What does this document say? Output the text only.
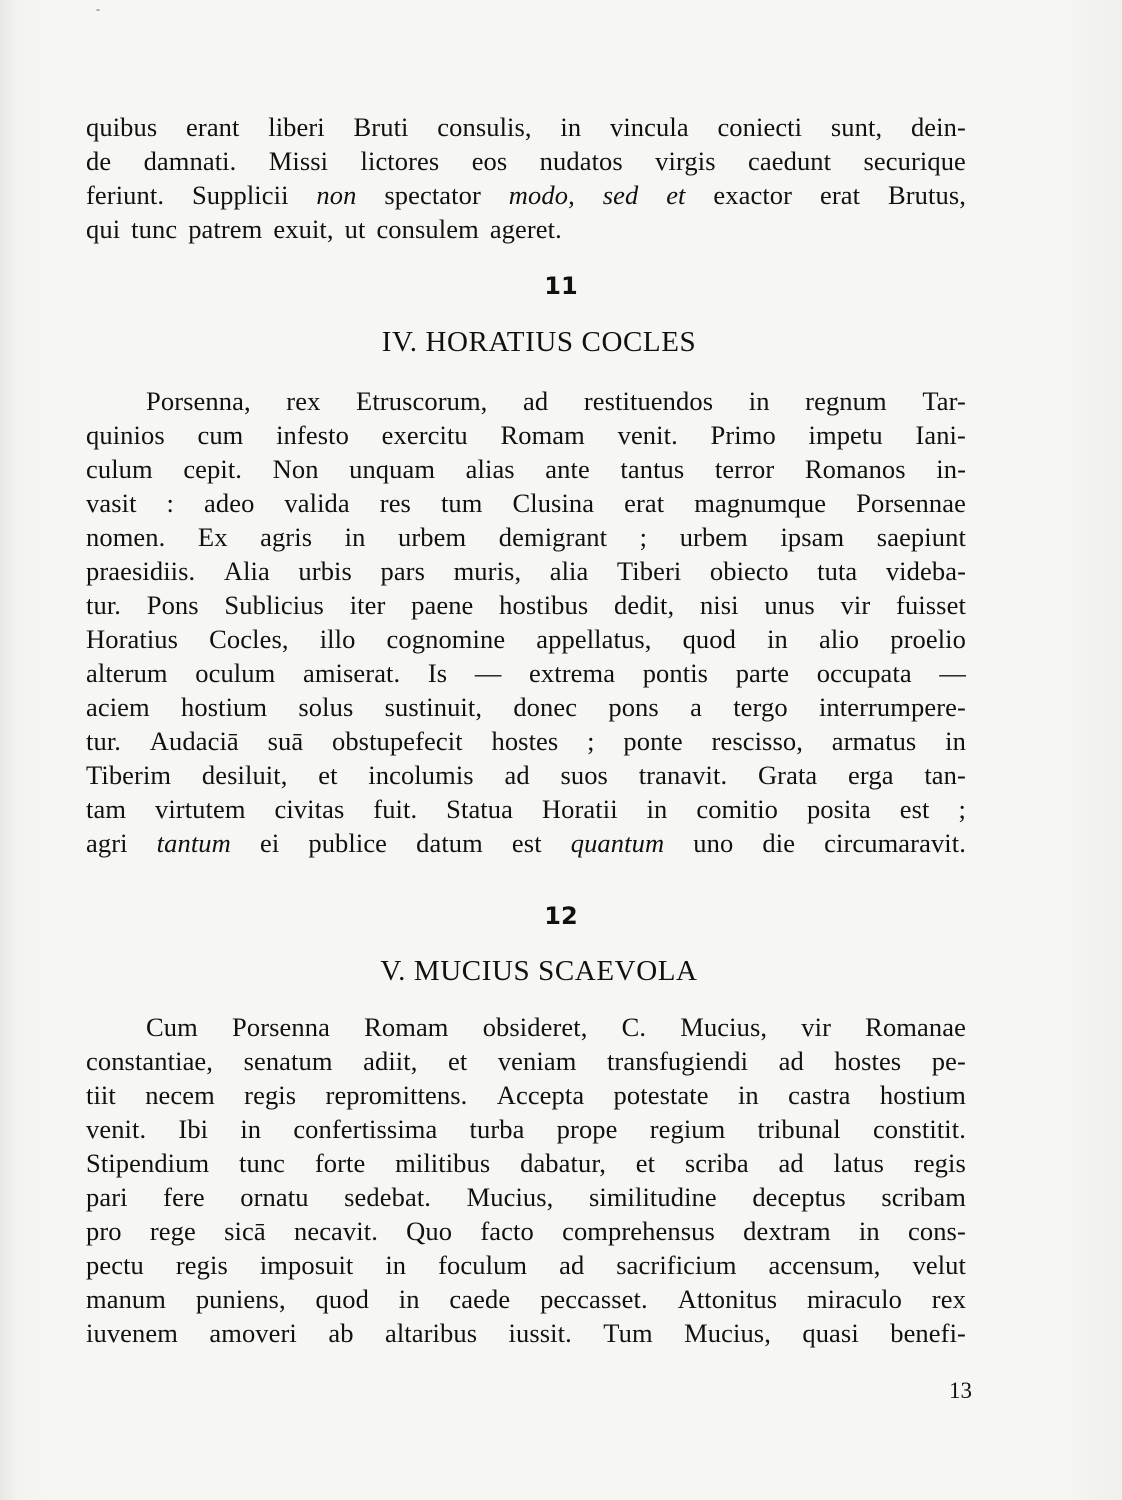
-
quibus erant liberi Bruti consulis, in vincula coniecti sunt, dein-
de damnati. Missi lictores eos nudatos virgis caedunt securique
feriunt. Supplicii non spectator modo, sed et exactor erat Brutus,
qui tunc patrem exuit, ut consulem ageret.
11
IV. HORATIUS COCLES
Porsenna, rex Etruscorum, ad restituendos in regnum Tar-
quinios cum infesto exercitu Romam venit. Primo impetu Iani-
culum cepit. Non unquam alias ante tantus terror Romanos in-
vasit : adeo valida res tum Clusina erat magnumque Porsennae
nomen. Ex agris in urbem demigrant ; urbem ipsam saepiunt
praesidiis. Alia urbis pars muris, alia Tiberi obiecto tuta videba-
tur. Pons Sublicius iter paene hostibus dedit, nisi unus vir fuisset
Horatius Cocles, illo cognomine appellatus, quod in alio proelio
alterum oculum amiserat. Is — extrema pontis parte occupata —
aciem hostium solus sustinuit, donec pons a tergo interrumpere-
tur. Audaciā suā obstupefecit hostes ; ponte rescisso, armatus in
Tiberim desiluit, et incolumis ad suos tranavit. Grata erga tan-
tam virtutem civitas fuit. Statua Horatii in comitio posita est ;
agri tantum ei publice datum est quantum uno die circumaravit.
12
V. MUCIUS SCAEVOLA
Cum Porsenna Romam obsideret, C. Mucius, vir Romanae
constantiae, senatum adiit, et veniam transfugiendi ad hostes pe-
tiit necem regis repromittens. Accepta potestate in castra hostium
venit. Ibi in confertissima turba prope regium tribunal constitit.
Stipendium tunc forte militibus dabatur, et scriba ad latus regis
pari fere ornatu sedebat. Mucius, similitudine deceptus scribam
pro rege sicā necavit. Quo facto comprehensus dextram in cons-
pectu regis imposuit in foculum ad sacrificium accensum, velut
manum puniens, quod in caede peccasset. Attonitus miraculo rex
iuvenem amoveri ab altaribus iussit. Tum Mucius, quasi benefi-
13
